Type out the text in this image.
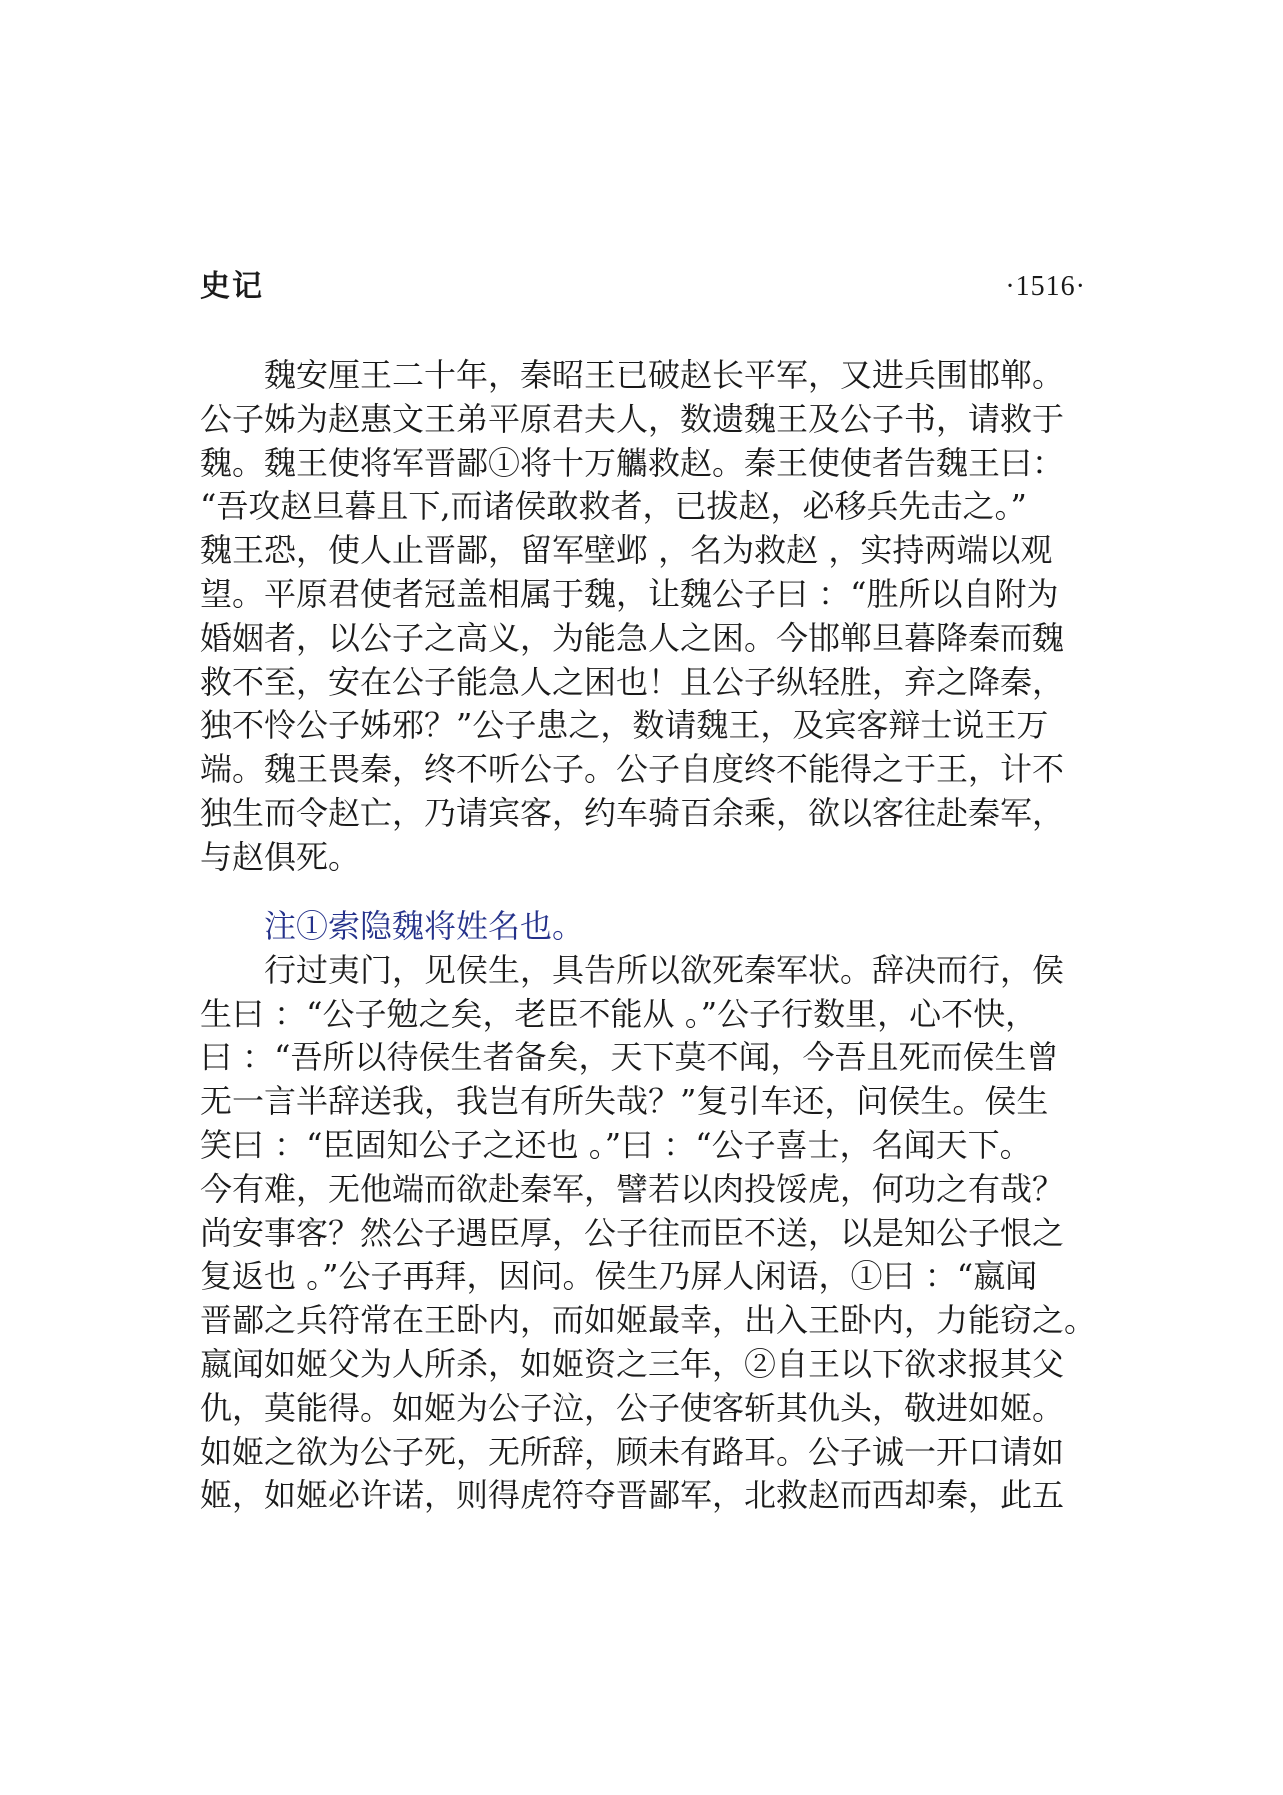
史记	·1516·
　　魏安厘王二十年，秦昭王已破赵长平军，又进兵围邯郸。
公子姊为赵惠文王弟平原君夫人，数遗魏王及公子书，请救于
魏。魏王使将军晋鄙①将十万觿救赵。秦王使使者告魏王曰：
“吾攻赵旦暮且下,而诸侯敢救者，已拔赵，必移兵先击之。”
魏王恐，使人止晋鄙，留军壁邺 ，名为救赵 ，实持两端以观
望。平原君使者冠盖相属于魏，让魏公子曰 ：“胜所以自附为
婚姻者，以公子之高义，为能急人之困。今邯郸旦暮降秦而魏
救不至，安在公子能急人之困也！且公子纵轻胜，弃之降秦，
独不怜公子姊邪？”公子患之，数请魏王，及宾客辩士说王万
端。魏王畏秦，终不听公子。公子自度终不能得之于王，计不
独生而令赵亡，乃请宾客，约车骑百余乘，欲以客往赴秦军，
与赵俱死。
　　注①索隐魏将姓名也。
　　行过夷门，见侯生，具告所以欲死秦军状。辞决而行，侯
生曰 ：“公子勉之矣，老臣不能从 。”公子行数里，心不快，
曰 ：“吾所以待侯生者备矣，天下莫不闻，今吾且死而侯生曾
无一言半辞送我，我岂有所失哉？”复引车还，问侯生。侯生
笑曰 ：“臣固知公子之还也 。”曰 ：“公子喜士，名闻天下。
今有难，无他端而欲赴秦军，譬若以肉投馁虎，何功之有哉？
尚安事客？然公子遇臣厚，公子往而臣不送，以是知公子恨之
复返也 。”公子再拜，因问。侯生乃屏人闲语，①曰 ：“嬴闻
晋鄙之兵符常在王卧内，而如姬最幸，出入王卧内，力能窃之。
嬴闻如姬父为人所杀，如姬资之三年，②自王以下欲求报其父
仇，莫能得。如姬为公子泣，公子使客斩其仇头，敬进如姬。
如姬之欲为公子死，无所辞，顾未有路耳。公子诚一开口请如
姬，如姬必许诺，则得虎符夺晋鄙军，北救赵而西却秦，此五
